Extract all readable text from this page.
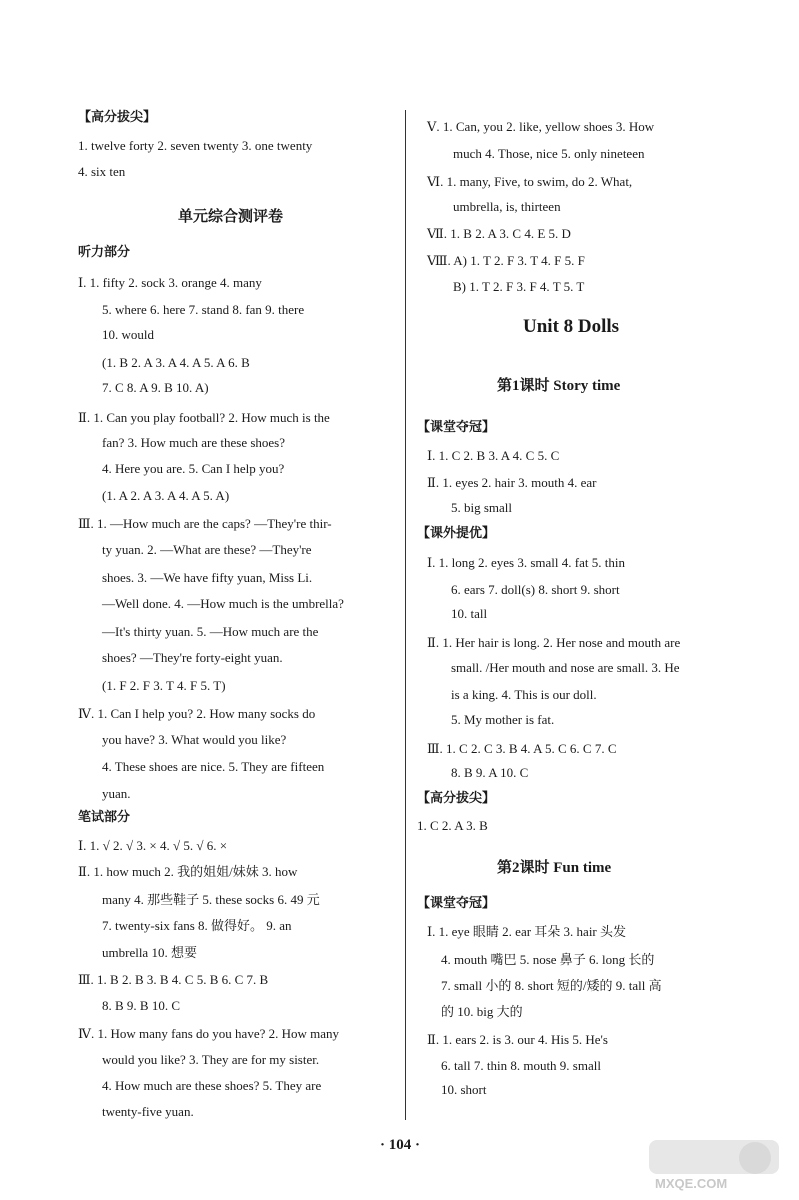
【高分拔尖】
1. twelve forty 2. seven twenty 3. one twenty
4. six ten
听力部分
Ⅰ. 1. fifty 2. sock 3. orange 4. many
5. where 6. here 7. stand 8. fan 9. there
10. would
(1. B 2. A 3. A 4. A 5. A 6. B
7. C 8. A 9. B 10. A)
Ⅱ. 1. Can you play football? 2. How much is the
fan? 3. How much are these shoes?
4. Here you are. 5. Can I help you?
(1. A 2. A 3. A 4. A 5. A)
Ⅲ. 1. —How much are the caps? —They're thir-
ty yuan. 2. —What are these? —They're
shoes. 3. —We have fifty yuan, Miss Li.
—Well done. 4. —How much is the umbrella?
—It's thirty yuan. 5. —How much are the
shoes? —They're forty-eight yuan.
(1. F 2. F 3. T 4. F 5. T)
Ⅳ. 1. Can I help you? 2. How many socks do
you have? 3. What would you like?
4. These shoes are nice. 5. They are fifteen
yuan.
笔试部分
Ⅰ. 1. √ 2. √ 3. × 4. √ 5. √ 6. ×
Ⅱ. 1. how much 2. 我的姐姐/妹妹 3. how
many 4. 那些鞋子 5. these socks 6. 49 元
7. twenty-six fans 8. 做得好。 9. an
umbrella 10. 想要
Ⅲ. 1. B 2. B 3. B 4. C 5. B 6. C 7. B
8. B 9. B 10. C
Ⅳ. 1. How many fans do you have? 2. How many
would you like? 3. They are for my sister.
4. How much are these shoes? 5. They are
twenty-five yuan.
Ⅴ. 1. Can, you 2. like, yellow shoes 3. How
much 4. Those, nice 5. only nineteen
Ⅵ. 1. many, Five, to swim, do 2. What,
umbrella, is, thirteen
Ⅶ. 1. B 2. A 3. C 4. E 5. D
Ⅷ. A) 1. T 2. F 3. T 4. F 5. F
B) 1. T 2. F 3. F 4. T 5. T
【课堂夺冠】
Ⅰ. 1. C 2. B 3. A 4. C 5. C
Ⅱ. 1. eyes 2. hair 3. mouth 4. ear
5. big small
【课外提优】
Ⅰ. 1. long 2. eyes 3. small 4. fat 5. thin
6. ears 7. doll(s) 8. short 9. short
10. tall
Ⅱ. 1. Her hair is long. 2. Her nose and mouth are
small. /Her mouth and nose are small. 3. He
is a king. 4. This is our doll.
5. My mother is fat.
Ⅲ. 1. C 2. C 3. B 4. A 5. C 6. C 7. C
8. B 9. A 10. C
【高分拔尖】
1. C 2. A 3. B
【课堂夺冠】
Ⅰ. 1. eye 眼睛 2. ear 耳朵 3. hair 头发
4. mouth 嘴巴 5. nose 鼻子 6. long 长的
7. small 小的 8. short 短的/矮的 9. tall 高
的 10. big 大的
Ⅱ. 1. ears 2. is 3. our 4. His 5. He's
6. tall 7. thin 8. mouth 9. small
10. short
单元综合测评卷
Unit 8 Dolls
第1课时 Story time
第2课时 Fun time
· 104 ·
MXQE.COM
